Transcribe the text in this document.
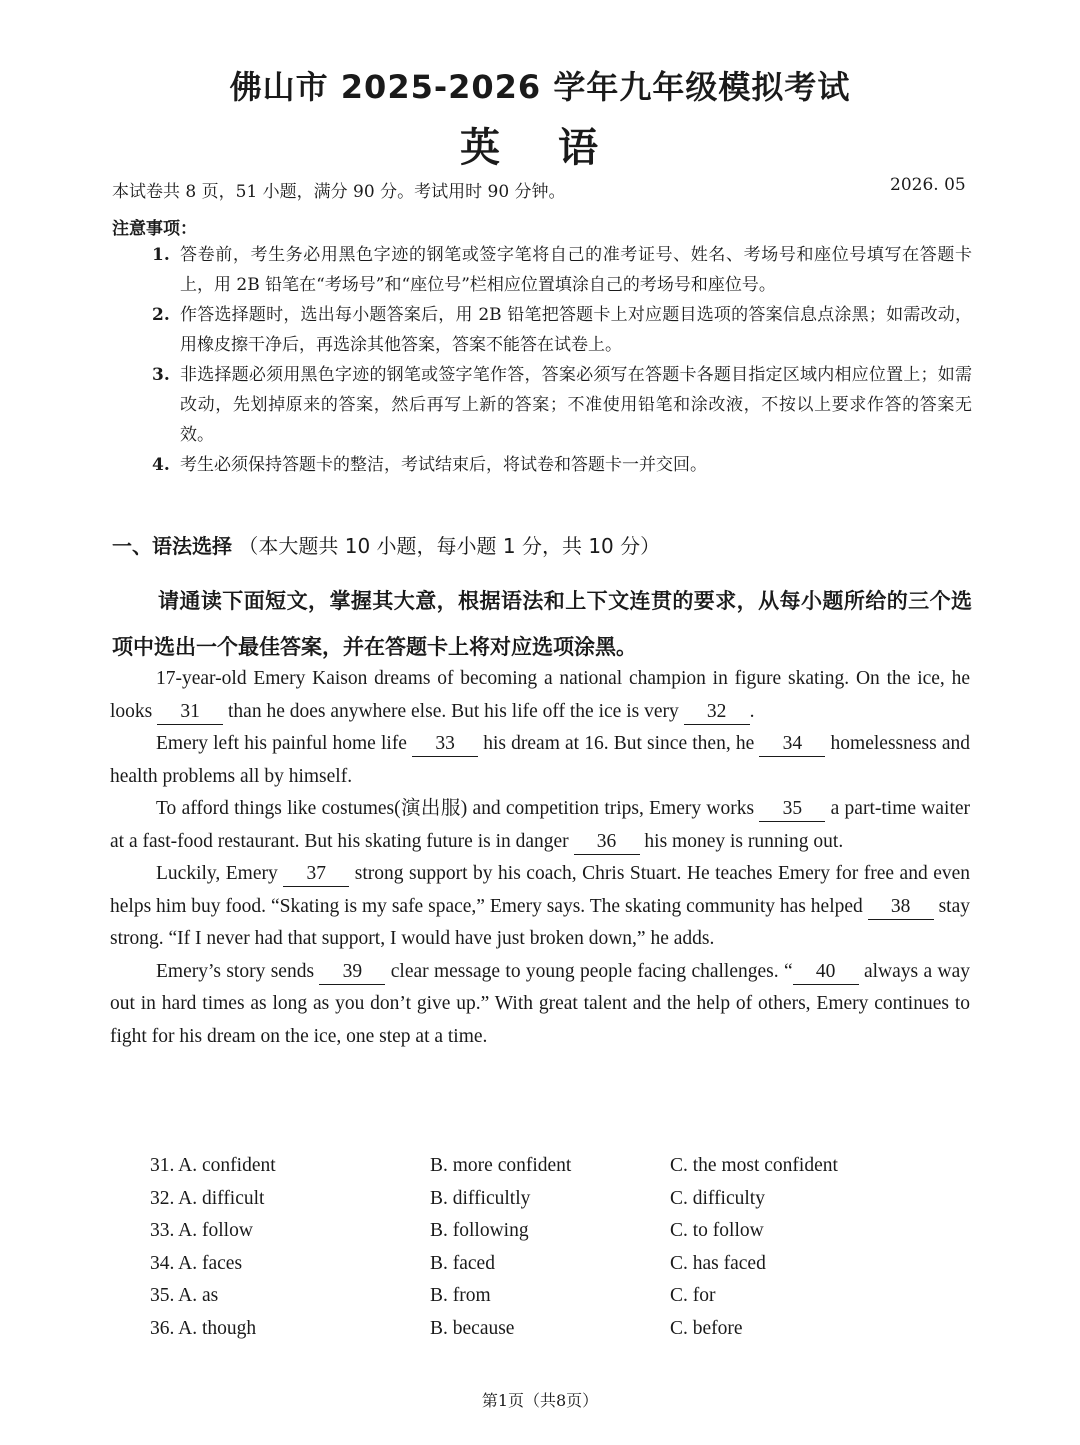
佛山市 2025-2026 学年九年级模拟考试
英 语
本试卷共 8 页，51 小题，满分 90 分。考试用时 90 分钟。	2026. 05
注意事项：
1. 答卷前，考生务必用黑色字迹的钢笔或签字笔将自己的准考证号、姓名、考场号和座位号填写在答题卡上，用 2B 铅笔在“考场号”和“座位号”栏相应位置填涂自己的考场号和座位号。
2. 作答选择题时，选出每小题答案后，用 2B 铅笔把答题卡上对应题目选项的答案信息点涂黑；如需改动，用橡皮擦干净后，再选涂其他答案，答案不能答在试卷上。
3. 非选择题必须用黑色字迹的钢笔或签字笔作答，答案必须写在答题卡各题目指定区域内相应位置上；如需改动，先划掉原来的答案，然后再写上新的答案；不准使用铅笔和涂改液，不按以上要求作答的答案无效。
4. 考生必须保持答题卡的整洁，考试结束后，将试卷和答题卡一并交回。
一、语法选择 （本大题共 10 小题，每小题 1 分，共 10 分）
请通读下面短文，掌握其大意，根据语法和上下文连贯的要求，从每小题所给的三个选项中选出一个最佳答案，并在答题卡上将对应选项涂黑。

17-year-old Emery Kaison dreams of becoming a national champion in figure skating. On the ice, he looks 31 than he does anywhere else. But his life off the ice is very 32 .

Emery left his painful home life 33 his dream at 16. But since then, he 34 homelessness and health problems all by himself.

To afford things like costumes(演出服) and competition trips, Emery works 35 a part-time waiter at a fast-food restaurant. But his skating future is in danger 36 his money is running out.

Luckily, Emery 37 strong support by his coach, Chris Stuart. He teaches Emery for free and even helps him buy food. “Skating is my safe space,” Emery says. The skating community has helped 38 stay strong. “If I never had that support, I would have just broken down,” he adds.

Emery’s story sends 39 clear message to young people facing challenges. “ 40 always a way out in hard times as long as you don’t give up.” With great talent and the help of others, Emery continues to fight for his dream on the ice, one step at a time.

31. A. confident	B. more confident	C. the most confident
32. A. difficult	B. difficultly	C. difficulty
33. A. follow	B. following	C. to follow
34. A. faces	B. faced	C. has faced
35. A. as	B. from	C. for
36. A. though	B. because	C. before
第1页（共8页）
